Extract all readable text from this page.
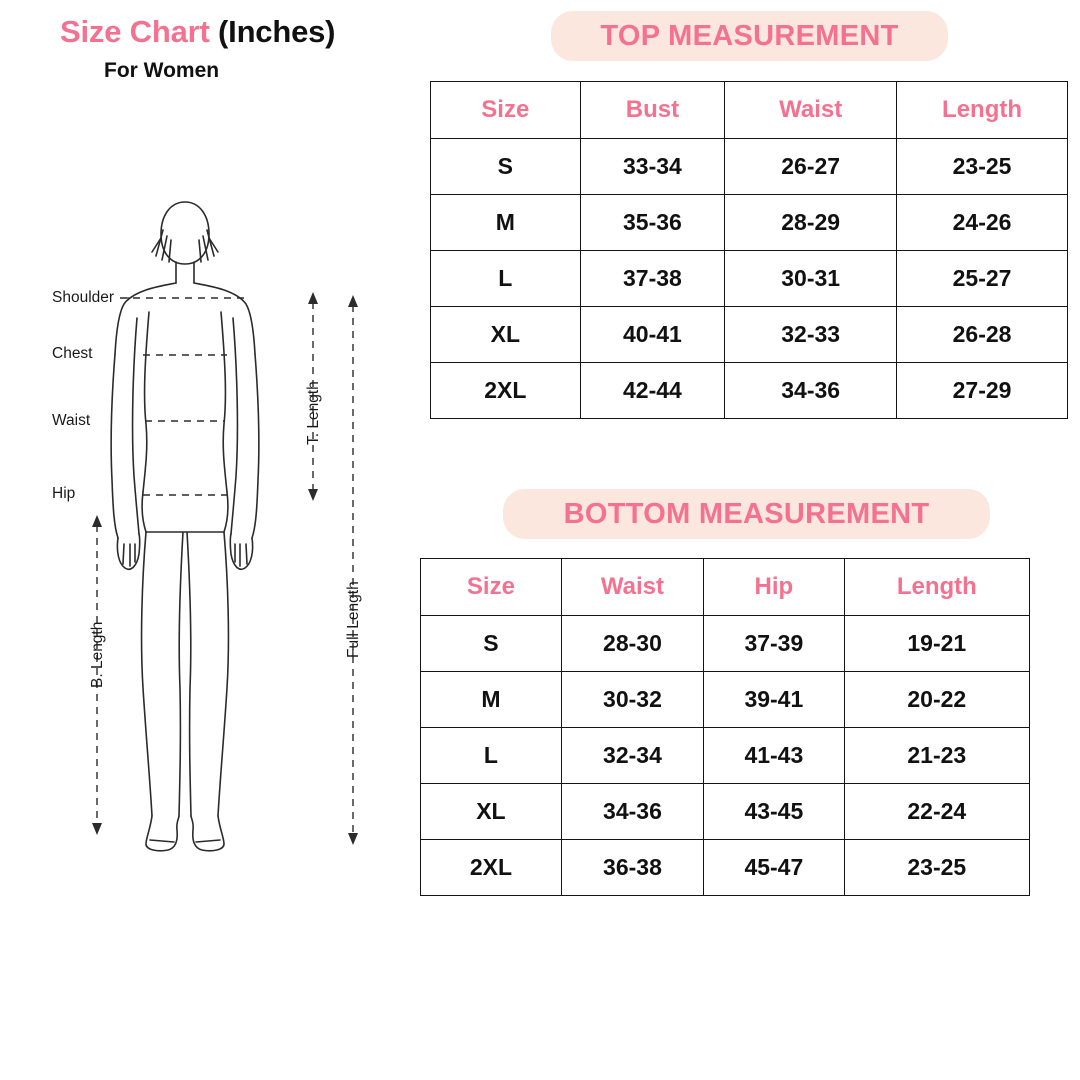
Size Chart (Inches)
For Women
Shoulder
Chest
Waist
Hip
T. Length
Full Length
B. Length
TOP MEASUREMENT
Size	Bust	Waist	Length
S	33-34	26-27	23-25
M	35-36	28-29	24-26
L	37-38	30-31	25-27
XL	40-41	32-33	26-28
2XL	42-44	34-36	27-29
BOTTOM MEASUREMENT
Size	Waist	Hip	Length
S	28-30	37-39	19-21
M	30-32	39-41	20-22
L	32-34	41-43	21-23
XL	34-36	43-45	22-24
2XL	36-38	45-47	23-25
